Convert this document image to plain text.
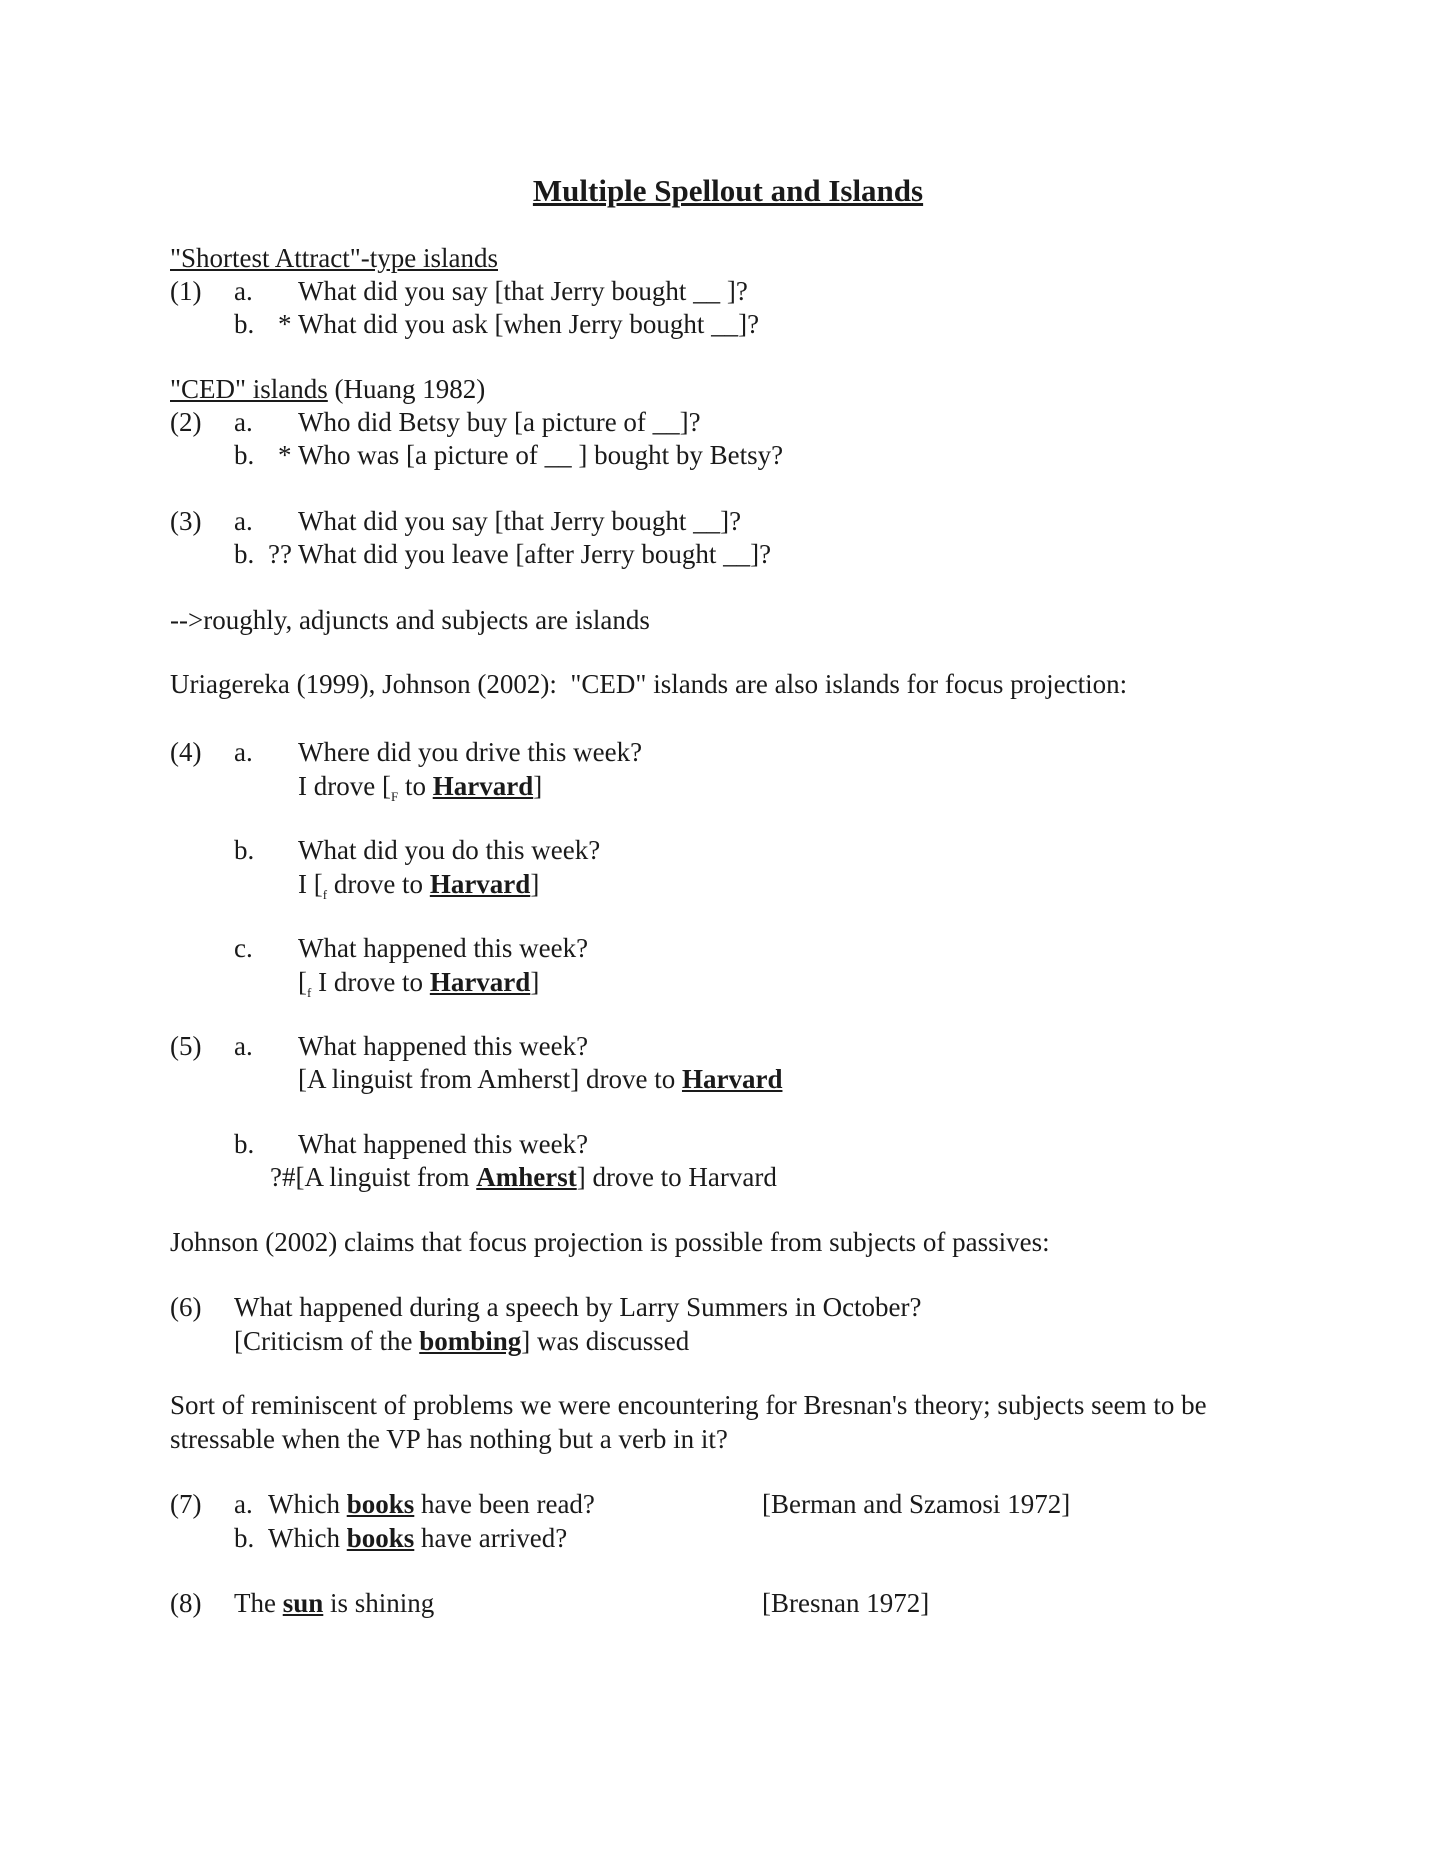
Multiple Spellout and Islands
"Shortest Attract"-type islands
(1) a. What did you say [that Jerry bought __ ]?
b. * What did you ask [when Jerry bought __]?
"CED" islands (Huang 1982)
(2) a. Who did Betsy buy [a picture of __]?
b. * Who was [a picture of __ ] bought by Betsy?
(3) a. What did you say [that Jerry bought __]?
b. ?? What did you leave [after Jerry bought __]?
-->roughly, adjuncts and subjects are islands
Uriagereka (1999), Johnson (2002):  "CED" islands are also islands for focus projection:
(4) a. Where did you drive this week?
I drove [$_F$ to Harvard]
b. What did you do this week?
I [$_f$ drove to Harvard]
c. What happened this week?
[$_f$ I drove to Harvard]
(5) a. What happened this week?
[A linguist from Amherst] drove to Harvard
b. What happened this week?
?#[A linguist from Amherst] drove to Harvard
Johnson (2002) claims that focus projection is possible from subjects of passives:
(6) What happened during a speech by Larry Summers in October?
[Criticism of the bombing] was discussed
Sort of reminiscent of problems we were encountering for Bresnan's theory; subjects seem to be
stressable when the VP has nothing but a verb in it?
(7) a. Which books have been read?	[Berman and Szamosi 1972]
b. Which books have arrived?
(8) The sun is shining	[Bresnan 1972]
